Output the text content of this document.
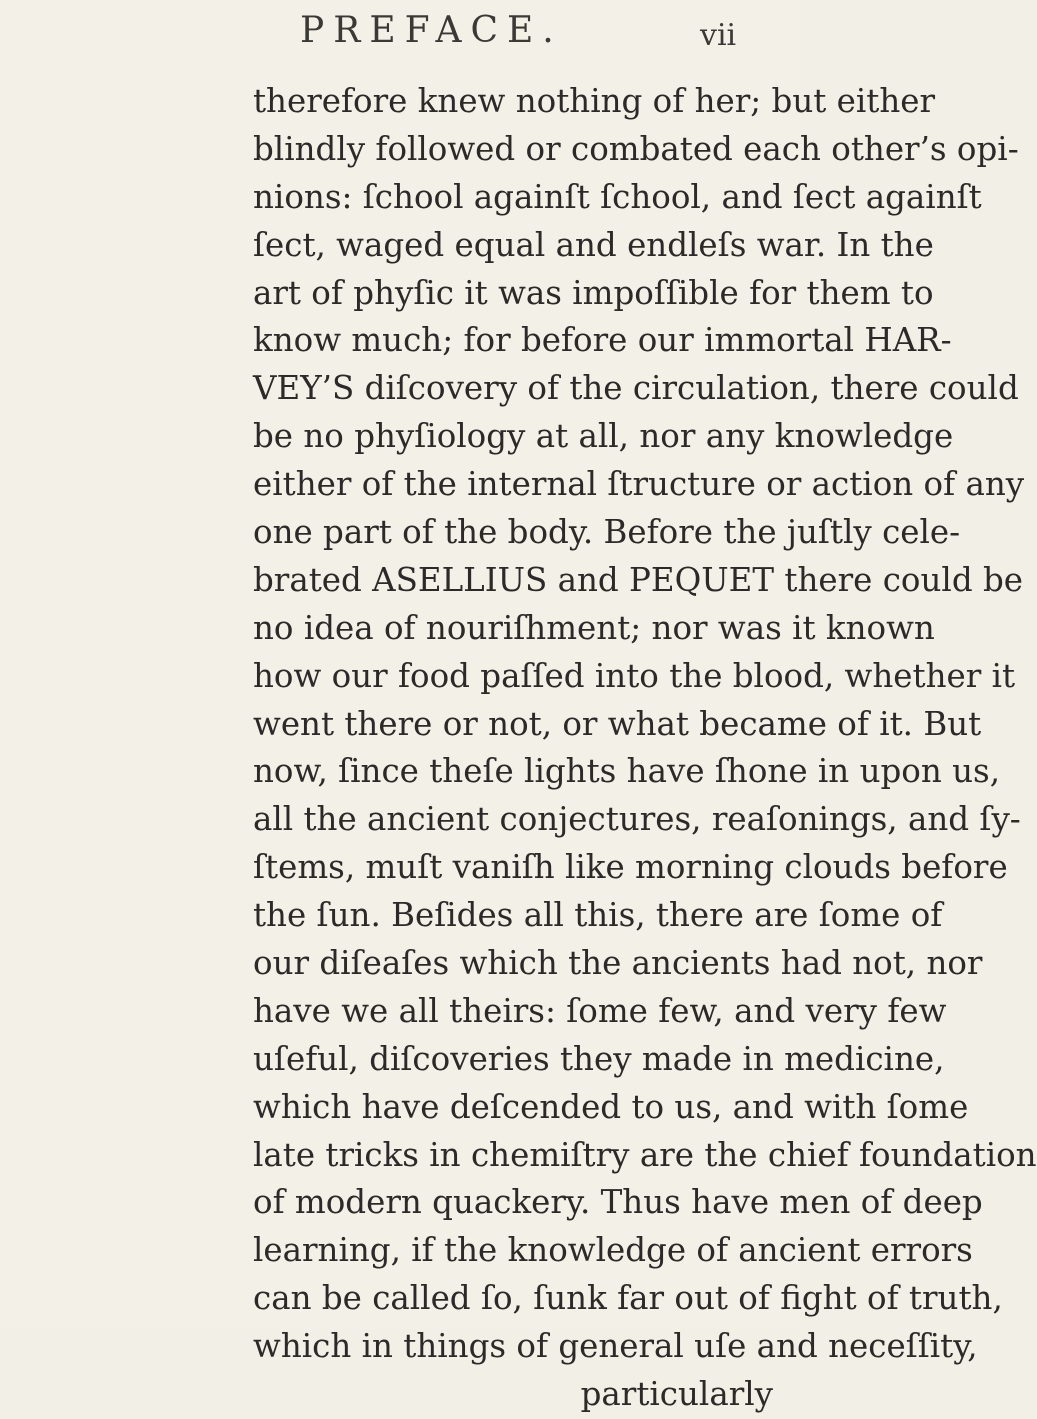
PREFACE.	vii
therefore knew nothing of her; but either
blindly followed or combated each other’s opi-
nions: ſchool againſt ſchool, and ſect againſt
ſect, waged equal and endleſs war. In the
art of phyſic it was impoſſible for them to
know much; for before our immortal HAR-
VEY’S diſcovery of the circulation, there could
be no phyſiology at all, nor any knowledge
either of the internal ſtructure or action of any
one part of the body. Before the juſtly cele-
brated ASELLIUS and PEQUET there could be
no idea of nouriſhment; nor was it known
how our food paſſed into the blood, whether it
went there or not, or what became of it. But
now, ſince theſe lights have ſhone in upon us,
all the ancient conjectures, reaſonings, and ſy-
ſtems, muſt vaniſh like morning clouds before
the ſun. Beſides all this, there are ſome of
our diſeaſes which the ancients had not, nor
have we all theirs: ſome few, and very few
uſeful, diſcoveries they made in medicine,
which have deſcended to us, and with ſome
late tricks in chemiſtry are the chief foundation
of modern quackery. Thus have men of deep
learning, if the knowledge of ancient errors
can be called ſo, ſunk far out of fight of truth,
which in things of general uſe and neceſſity,
particularly
